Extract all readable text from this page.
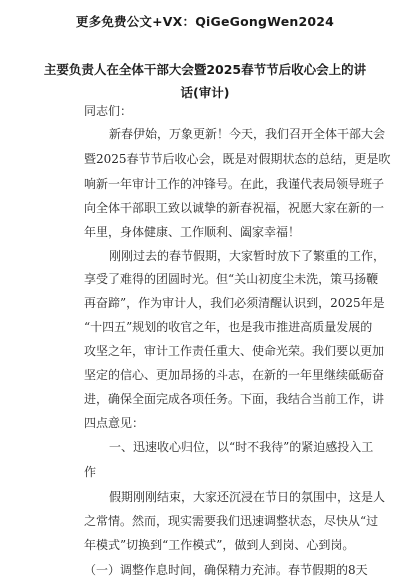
更多免费公文+VX：QiGeGongWen2024
主要负责人在全体干部大会暨2025春节节后收心会上的讲
话(审计)
同志们：
新春伊始，万象更新！今天，我们召开全体干部大会
暨2025春节节后收心会，既是对假期状态的总结，更是吹
响新一年审计工作的冲锋号。在此，我谨代表局领导班子
向全体干部职工致以诚挚的新春祝福，祝愿大家在新的一
年里，身体健康、工作顺利、阖家幸福！
刚刚过去的春节假期，大家暂时放下了繁重的工作，
享受了难得的团圆时光。但“关山初度尘未洗，策马扬鞭
再奋蹄”，作为审计人，我们必须清醒认识到，2025年是
“十四五”规划的收官之年，也是我市推进高质量发展的
攻坚之年，审计工作责任重大、使命光荣。我们要以更加
坚定的信心、更加昂扬的斗志，在新的一年里继续砥砺奋
进，确保全面完成各项任务。下面，我结合当前工作，讲
四点意见：
一、迅速收心归位，以“时不我待”的紧迫感投入工
作
假期刚刚结束，大家还沉浸在节日的氛围中，这是人
之常情。然而，现实需要我们迅速调整状态，尽快从“过
年模式”切换到“工作模式”，做到人到岗、心到岗。
（一）调整作息时间，确保精力充沛。春节假期的8天
